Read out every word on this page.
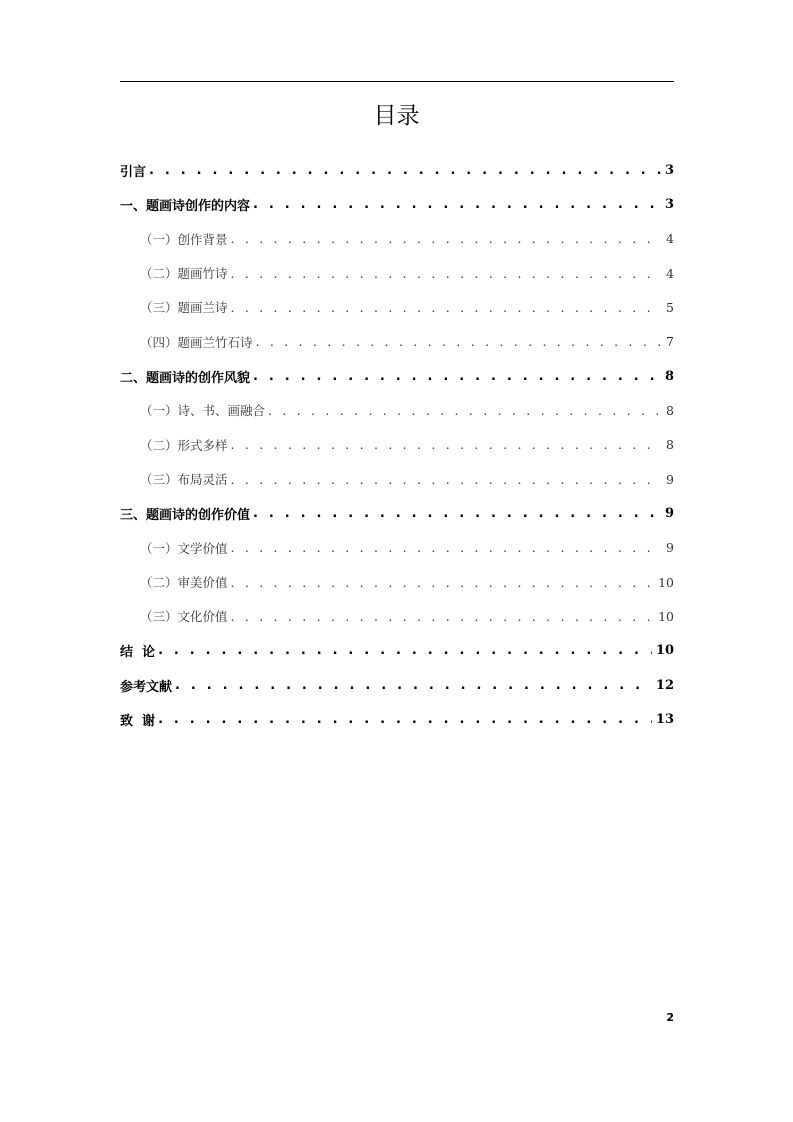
目录
引言 . . .	3
一、题画诗创作的内容 . . .	3
（一）创作背景 . . .	4
（二）题画竹诗 . . .	4
（三）题画兰诗 . . .	5
（四）题画兰竹石诗 . . .	7
二、题画诗的创作风貌 . . .	8
（一）诗、书、画融合 . . .	8
（二）形式多样 . . .	8
（三）布局灵活 . . .	9
三、题画诗的创作价值 . . .	9
（一）文学价值 . . .	9
（二）审美价值 . . .	10
（三）文化价值 . . .	10
结  论 . . .	10
参考文献 . . .	12
致  谢 . . .	13
2
